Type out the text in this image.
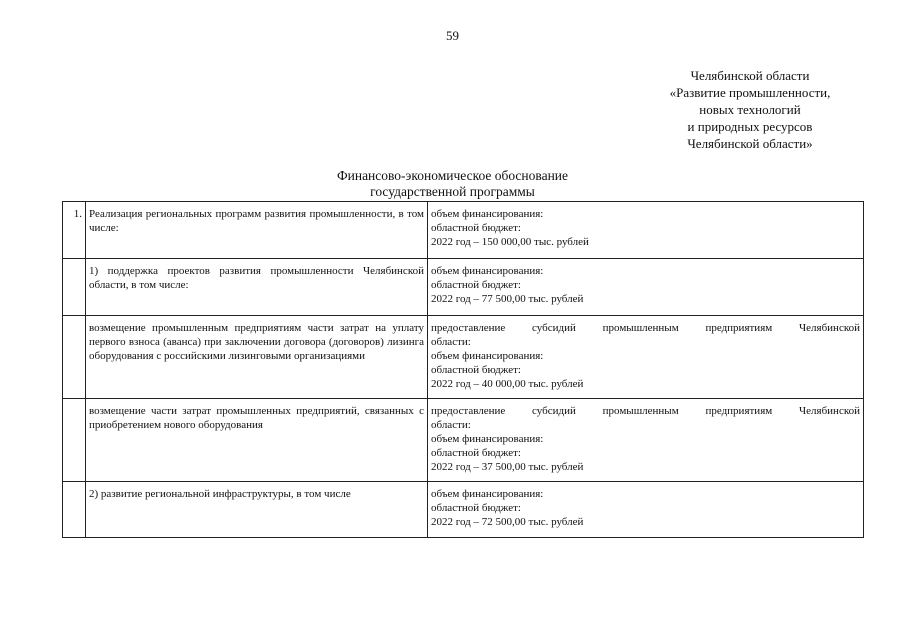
59
Челябинской области
«Развитие промышленности,
новых технологий
и природных ресурсов
Челябинской области»
Финансово-экономическое обоснование
государственной программы
1.	Реализация региональных программ развития промышленности, в том числе:	объем финансирования:
областной бюджет:
2022 год – 150 000,00 тыс. рублей

	1) поддержка проектов развития промышленности Челябинской области, в том числе:	объем финансирования:
областной бюджет:
2022 год – 77 500,00 тыс. рублей

	возмещение промышленным предприятиям части затрат на уплату первого взноса (аванса) при заключении договора (договоров) лизинга оборудования с российскими лизинговыми организациями	предоставление субсидий промышленным предприятиям Челябинской
области:
объем финансирования:
областной бюджет:
2022 год – 40 000,00 тыс. рублей

	возмещение части затрат промышленных предприятий, связанных с приобретением нового оборудования	предоставление субсидий промышленным предприятиям Челябинской
области:
объем финансирования:
областной бюджет:
2022 год – 37 500,00 тыс. рублей

	2) развитие региональной инфраструктуры, в том числе	объем финансирования:
областной бюджет:
2022 год – 72 500,00 тыс. рублей
